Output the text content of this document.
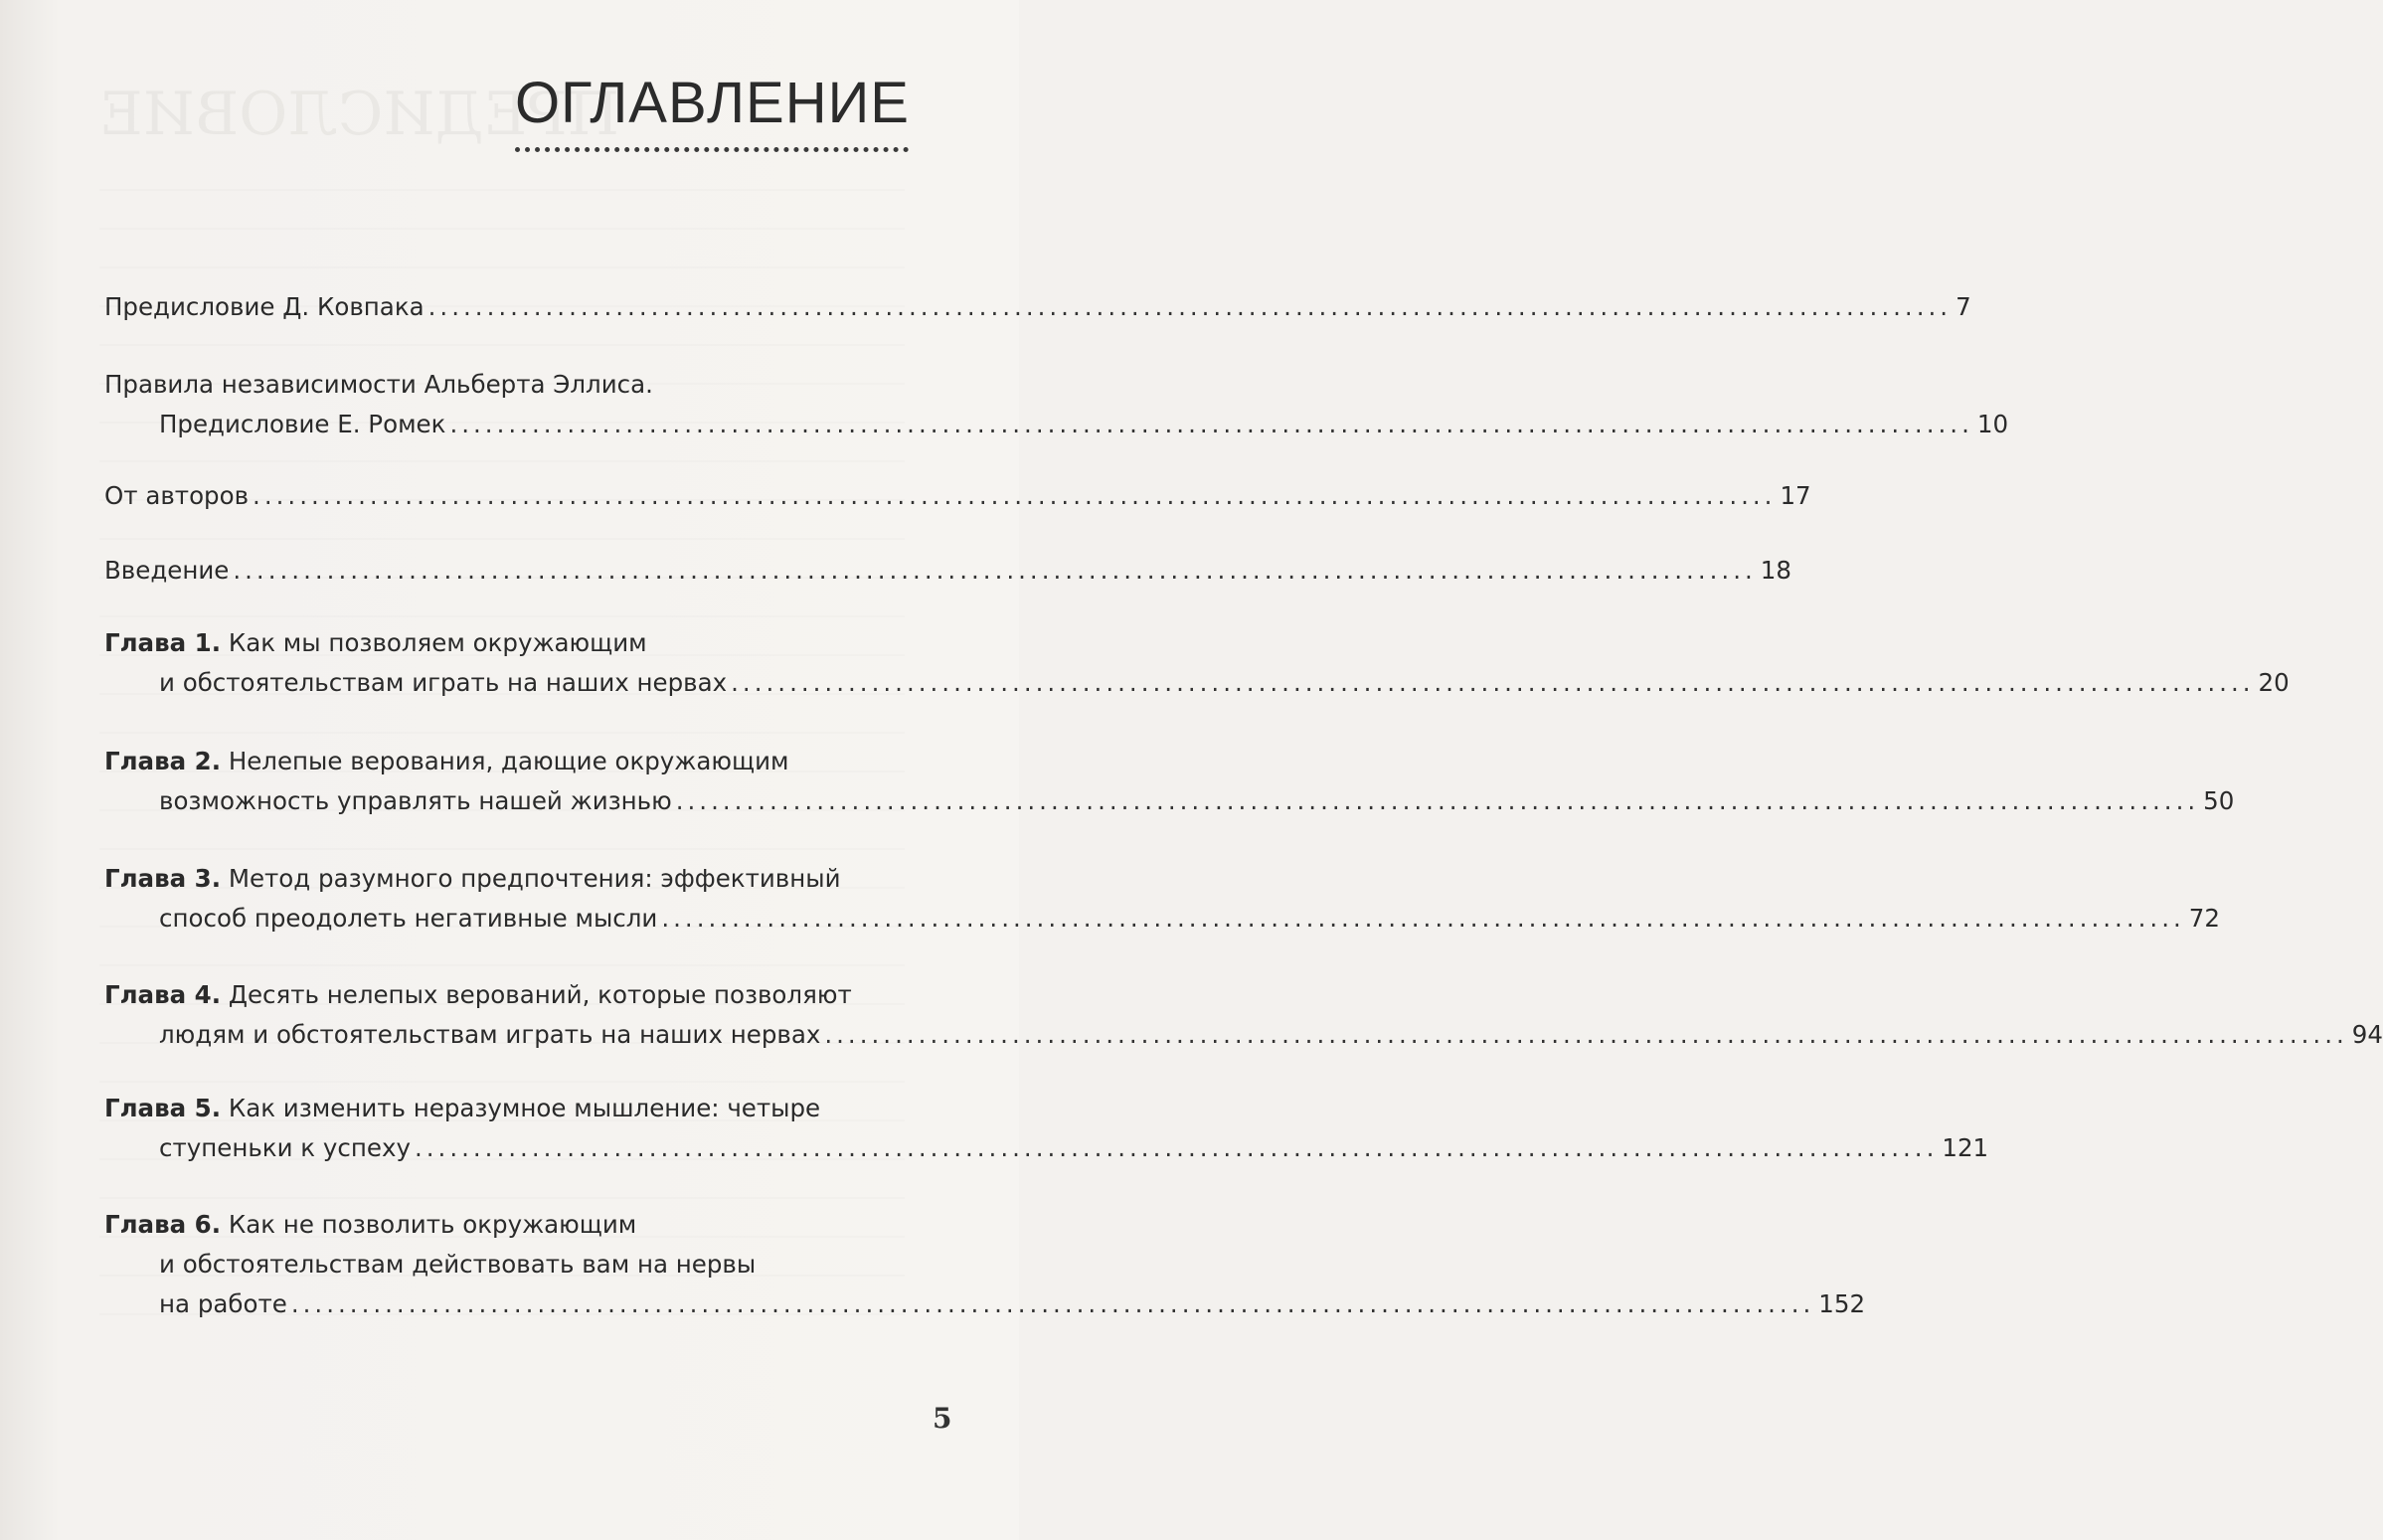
ОГЛАВЛЕНИЕ
Предисловие Д. Ковпака .................................................................................................................................. 7
Правила независимости Альберта Эллиса.
Предисловие Е. Ромек .................................................................................................................................. 10
От авторов .................................................................................................................................. 17
Введение .................................................................................................................................. 18
Глава 1. Как мы позволяем окружающим
и обстоятельствам играть на наших нервах .................................................................................................................................. 20
Глава 2. Нелепые верования, дающие окружающим
возможность управлять нашей жизнью .................................................................................................................................. 50
Глава 3. Метод разумного предпочтения: эффективный
способ преодолеть негативные мысли .................................................................................................................................. 72
Глава 4. Десять нелепых верований, которые позволяют
людям и обстоятельствам играть на наших нервах .................................................................................................................................. 94
Глава 5. Как изменить неразумное мышление: четыре
ступеньки к успеху .................................................................................................................................. 121
Глава 6. Как не позволить окружающим
и обстоятельствам действовать вам на нервы
на работе .................................................................................................................................. 152
5
